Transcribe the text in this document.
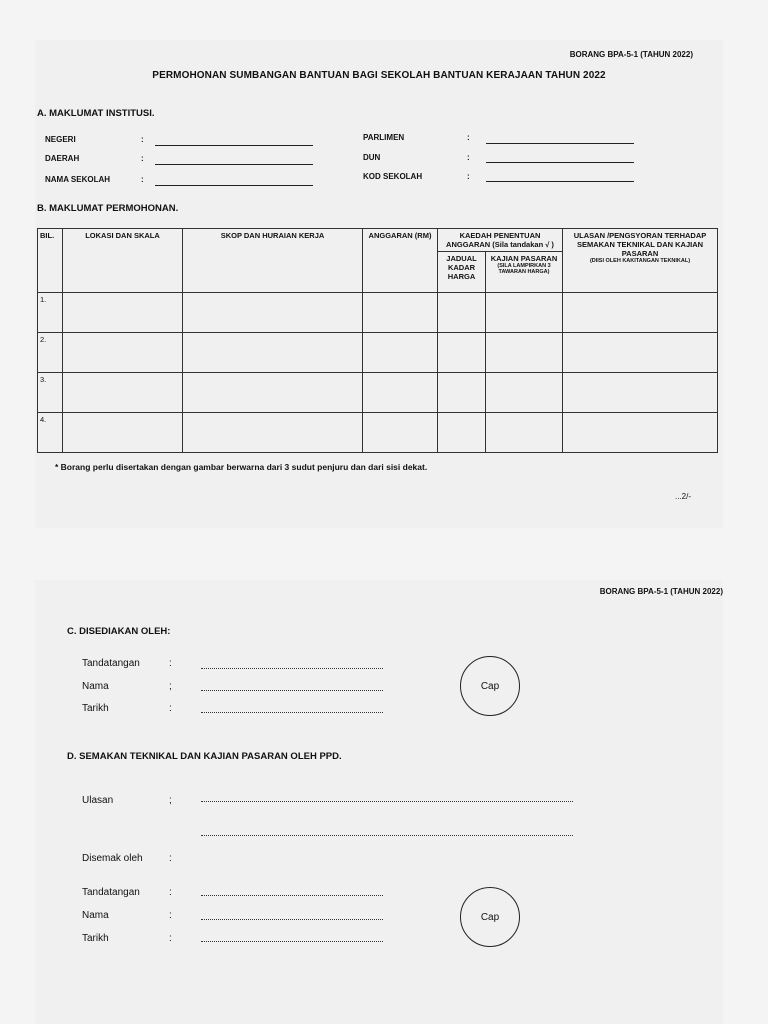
BORANG BPA-5-1 (TAHUN 2022)
PERMOHONAN SUMBANGAN BANTUAN BAGI SEKOLAH BANTUAN KERAJAAN TAHUN 2022
A. MAKLUMAT INSTITUSI.
NEGERI	:
DAERAH	:
NAMA SEKOLAH	:
PARLIMEN	:
DUN	:
KOD SEKOLAH	:
B. MAKLUMAT PERMOHONAN.
BIL.	LOKASI DAN SKALA	SKOP DAN HURAIAN KERJA	ANGGARAN (RM)	KAEDAH PENENTUAN ANGGARAN (Sila tandakan √ )		ULASAN /PENGSYORAN TERHADAP SEMAKAN TEKNIKAL DAN KAJIAN PASARAN
(DIISI OLEH KAKITANGAN TEKNIKAL)

				JADUAL KADAR HARGA	KAJIAN PASARAN
(SILA LAMPIRKAN 3 TAWARAN HARGA)	

1.						
2.						
3.						
4.						
* Borang perlu disertakan dengan gambar berwarna dari 3 sudut penjuru dan dari sisi dekat.
...2/-
BORANG BPA-5-1 (TAHUN 2022)
C. DISEDIAKAN OLEH:
Tandatangan	:
Nama	;
Tarikh	:
Cap
D. SEMAKAN TEKNIKAL DAN KAJIAN PASARAN OLEH PPD.
Ulasan	;
Disemak oleh	:
Tandatangan	:
Nama	:
Tarikh	:
Cap
